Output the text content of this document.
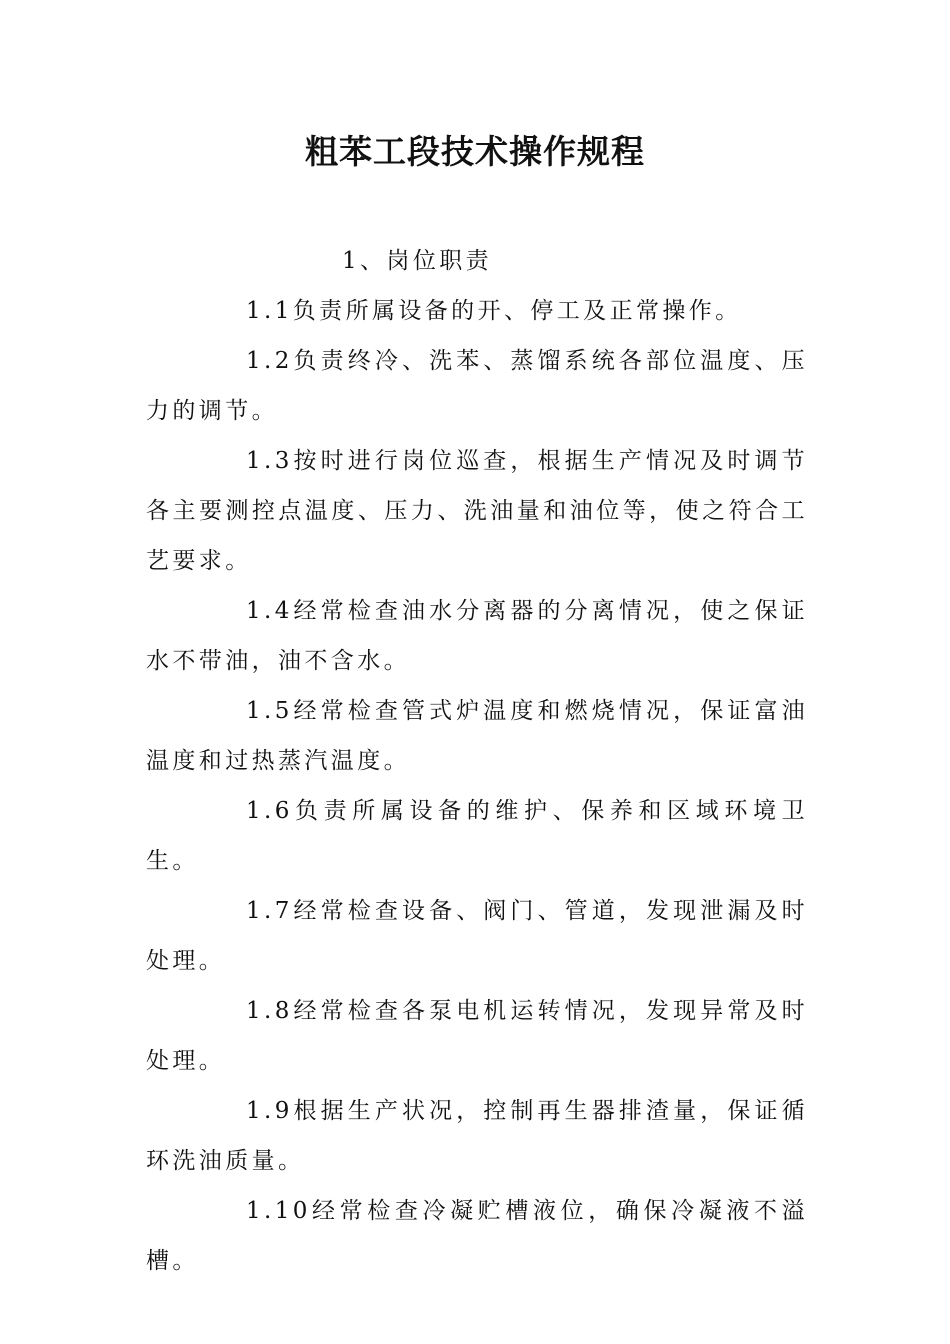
粗苯工段技术操作规程

1、岗位职责

1.1负责所属设备的开、停工及正常操作。

1.2负责终冷、洗苯、蒸馏系统各部位温度、压力的调节。

1.3按时进行岗位巡查，根据生产情况及时调节各主要测控点温度、压力、洗油量和油位等，使之符合工艺要求。

1.4经常检查油水分离器的分离情况，使之保证水不带油，油不含水。

1.5经常检查管式炉温度和燃烧情况，保证富油温度和过热蒸汽温度。

1.6负责所属设备的维护、保养和区域环境卫生。

1.7经常检查设备、阀门、管道，发现泄漏及时处理。

1.8经常检查各泵电机运转情况，发现异常及时处理。

1.9根据生产状况，控制再生器排渣量，保证循环洗油质量。

1.10经常检查冷凝贮槽液位，确保冷凝液不溢槽。
